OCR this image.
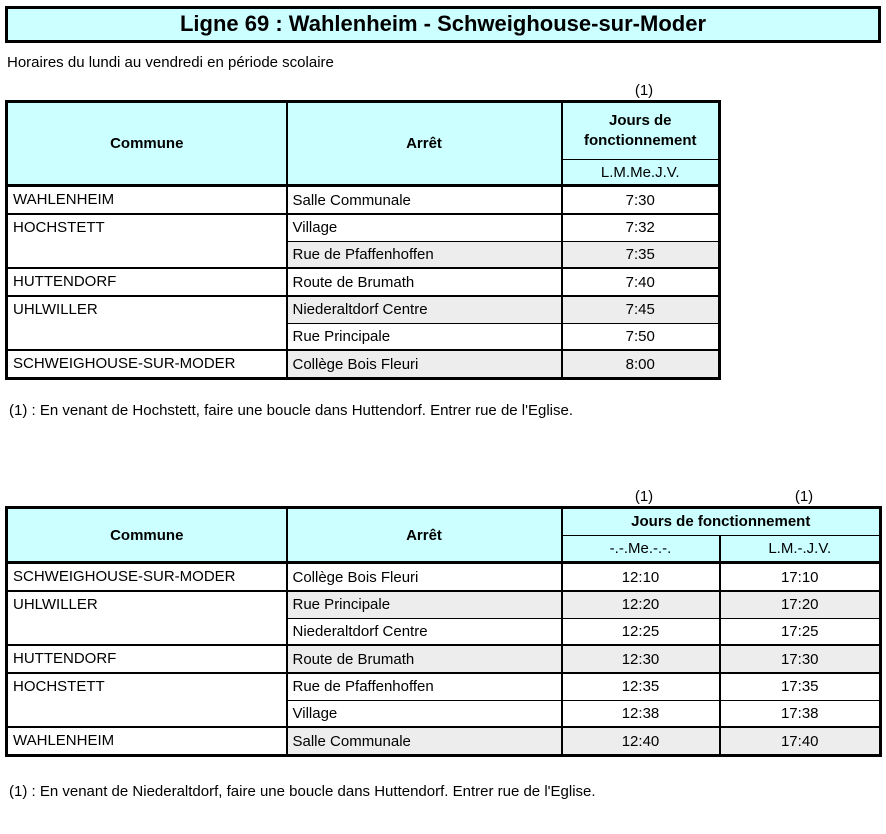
Ligne 69 : Wahlenheim - Schweighouse-sur-Moder
Horaires du lundi au vendredi en période scolaire
(1)
Commune	Arrêt	Jours de fonctionnement
		L.M.Me.J.V.
WAHLENHEIM	Salle Communale	7:30
HOCHSTETT	Village	7:32
	Rue de Pfaffenhoffen	7:35
HUTTENDORF	Route de Brumath	7:40
UHLWILLER	Niederaltdorf Centre	7:45
	Rue Principale	7:50
SCHWEIGHOUSE-SUR-MODER	Collège Bois Fleuri	8:00
(1) : En venant de Hochstett, faire une boucle dans Huttendorf. Entrer rue de l'Eglise.
(1)	(1)
Commune	Arrêt	Jours de fonctionnement	
		-.-.Me.-.-.	L.M.-.J.V.
SCHWEIGHOUSE-SUR-MODER	Collège Bois Fleuri	12:10	17:10
UHLWILLER	Rue Principale	12:20	17:20
	Niederaltdorf Centre	12:25	17:25
HUTTENDORF	Route de Brumath	12:30	17:30
HOCHSTETT	Rue de Pfaffenhoffen	12:35	17:35
	Village	12:38	17:38
WAHLENHEIM	Salle Communale	12:40	17:40
(1) : En venant de Niederaltdorf, faire une boucle dans Huttendorf. Entrer rue de l'Eglise.
